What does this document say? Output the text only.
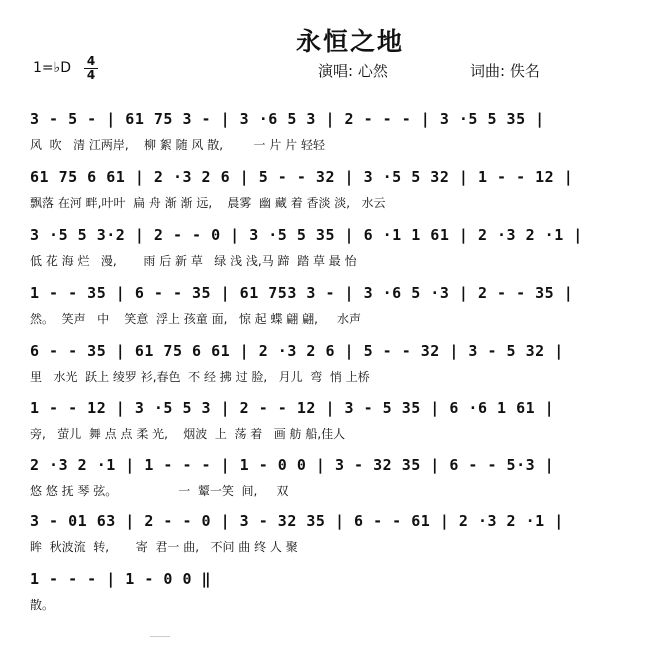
永恒之地
1=♭D 4
4	演唱: 心然	词曲: 佚名
3 - 5 - | 61 75 3 - | 3 ·6 5 3 | 2 - - - | 3 ·5 5 35 |
风  吹   清 江两岸,    柳 絮 随 风 散,        一 片 片 轻轻
61 75 6 61 | 2 ·3 2 6 | 5 - - 32 | 3 ·5 5 32 | 1 - - 12 |
飘落 在河 畔,叶叶  扁 舟 渐 渐 远,    晨雾  幽 藏 着 香淡 淡,   水云
3 ·5 5 3·2 | 2 - - 0 | 3 ·5 5 35 | 6 ·1 1 61 | 2 ·3 2 ·1 |
低 花 海 烂   漫,       雨 后 新 草   绿 浅 浅,马 蹄  踏 草 最 怡
1 - - 35 | 6 - - 35 | 61 753 3 - | 3 ·6 5 ·3 | 2 - - 35 |
然。  笑声   中    笑意  浮上 孩童 面,   惊 起 蝶 翩 翩,     水声
6 - - 35 | 61 75 6 61 | 2 ·3 2 6 | 5 - - 32 | 3 - 5 32 |
里   水光  跃上 绫罗 衫,春色  不 经 拂 过 脸,   月儿  弯  悄 上桥
1 - - 12 | 3 ·5 5 3 | 2 - - 12 | 3 - 5 35 | 6 ·6 1 61 |
旁,   萤儿  舞 点 点 柔 光,    烟波  上  荡 着   画 舫 船,佳人
2 ·3 2 ·1 | 1 - - - | 1 - 0 0 | 3 - 32 35 | 6 - - 5·3 |
悠 悠 抚 琴 弦。                一  颦一笑  间,     双
3 - 01 63 | 2 - - 0 | 3 - 32 35 | 6 - - 61 | 2 ·3 2 ·1 |
眸  秋波流  转,       寄  君一 曲,   不问 曲 终 人 聚
1 - - - | 1 - 0 0 ‖
散。
